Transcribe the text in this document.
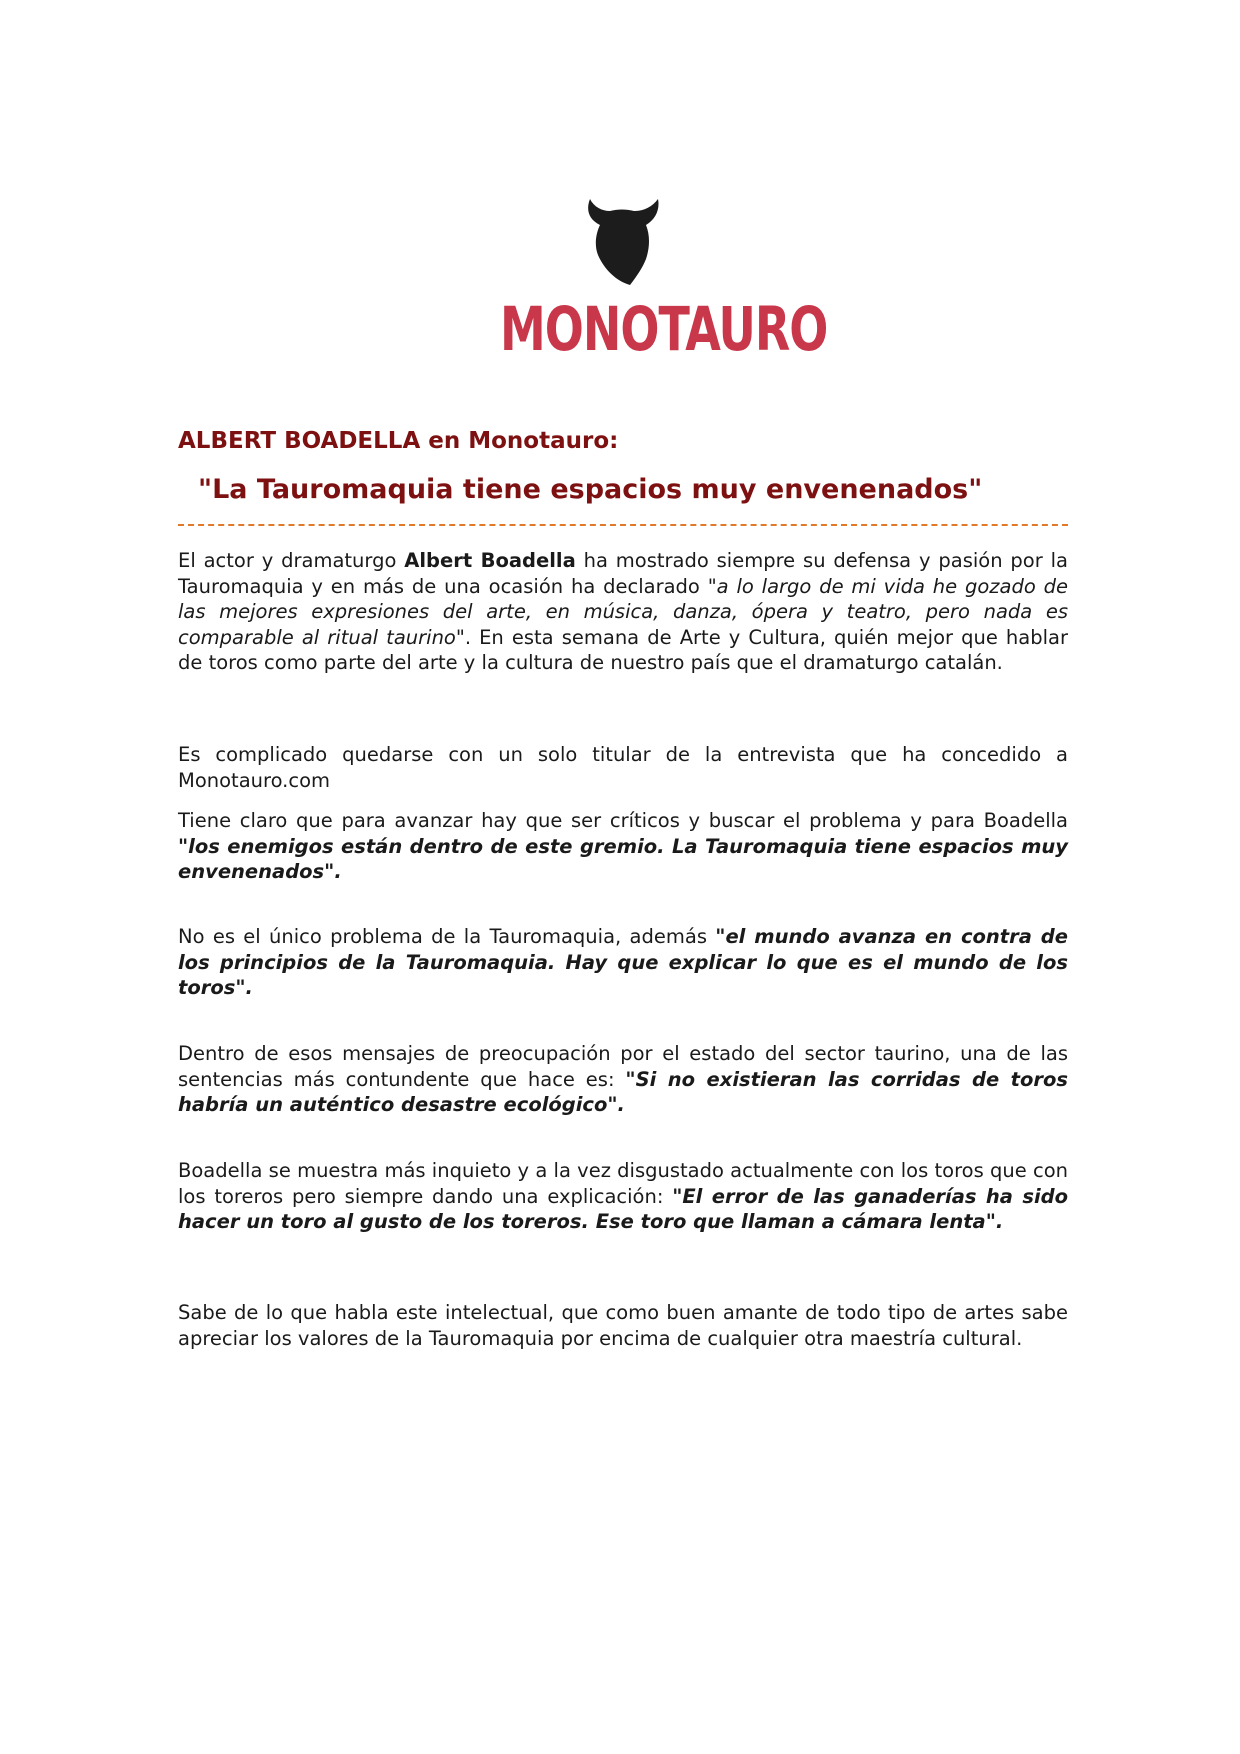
MONOTAURO
ALBERT BOADELLA en Monotauro:
"La Tauromaquia tiene espacios muy envenenados"

El actor y dramaturgo Albert Boadella ha mostrado siempre su defensa y pasión por la Tauromaquia y en más de una ocasión ha declarado "a lo largo de mi vida he gozado de las mejores expresiones del arte, en música, danza, ópera y teatro, pero nada es comparable al ritual taurino". En esta semana de Arte y Cultura, quién mejor que hablar de toros como parte del arte y la cultura de nuestro país que el dramaturgo catalán.

Es complicado quedarse con un solo titular de la entrevista que ha concedido a Monotauro.com

Tiene claro que para avanzar hay que ser críticos y buscar el problema y para Boadella "los enemigos están dentro de este gremio. La Tauromaquia tiene espacios muy envenenados".

No es el único problema de la Tauromaquia, además "el mundo avanza en contra de los principios de la Tauromaquia. Hay que explicar lo que es el mundo de los toros".

Dentro de esos mensajes de preocupación por el estado del sector taurino, una de las sentencias más contundente que hace es: "Si no existieran las corridas de toros habría un auténtico desastre ecológico".

Boadella se muestra más inquieto y a la vez disgustado actualmente con los toros que con los toreros pero siempre dando una explicación: "El error de las ganaderías ha sido hacer un toro al gusto de los toreros. Ese toro que llaman a cámara lenta".

Sabe de lo que habla este intelectual, que como buen amante de todo tipo de artes sabe apreciar los valores de la Tauromaquia por encima de cualquier otra maestría cultural.
